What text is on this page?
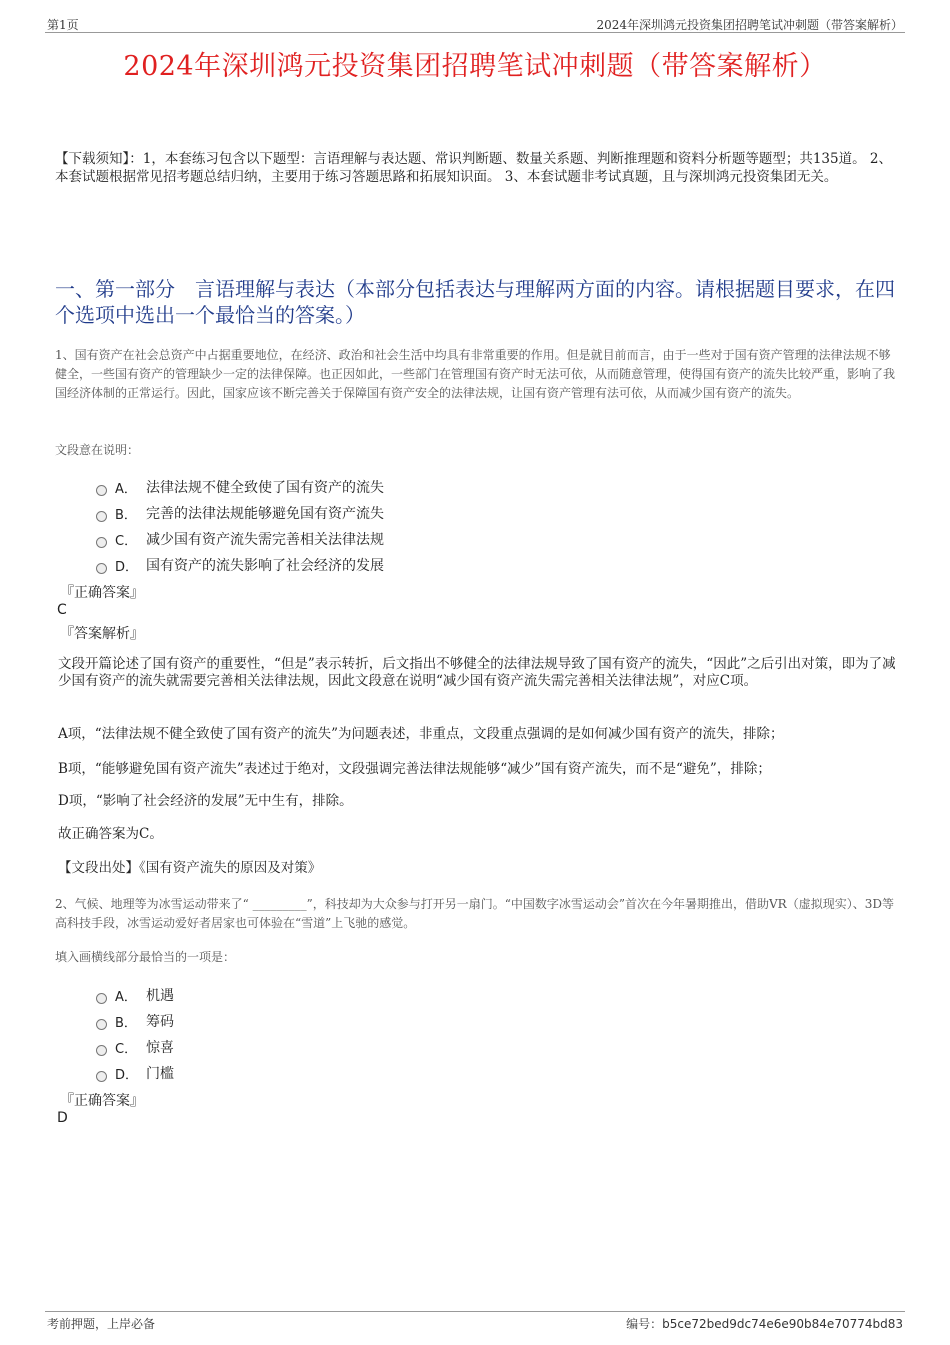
第1页	2024年深圳鸿元投资集团招聘笔试冲刺题（带答案解析）
2024年深圳鸿元投资集团招聘笔试冲刺题（带答案解析）
【下载须知】：1，本套练习包含以下题型：言语理解与表达题、常识判断题、数量关系题、判断推理题和资料分析题等题型；共135道。 2、本套试题根据常见招考题总结归纳，主要用于练习答题思路和拓展知识面。 3、本套试题非考试真题，且与深圳鸿元投资集团无关。
一、第一部分　言语理解与表达（本部分包括表达与理解两方面的内容。请根据题目要求，在四个选项中选出一个最恰当的答案。）
1、国有资产在社会总资产中占据重要地位，在经济、政治和社会生活中均具有非常重要的作用。但是就目前而言，由于一些对于国有资产管理的法律法规不够健全，一些国有资产的管理缺少一定的法律保障。也正因如此，一些部门在管理国有资产时无法可依，从而随意管理，使得国有资产的流失比较严重，影响了我国经济体制的正常运行。因此，国家应该不断完善关于保障国有资产安全的法律法规，让国有资产管理有法可依，从而减少国有资产的流失。
文段意在说明：
A． 法律法规不健全致使了国有资产的流失
B． 完善的法律法规能够避免国有资产流失
C． 减少国有资产流失需完善相关法律法规
D． 国有资产的流失影响了社会经济的发展
『正确答案』
C
『答案解析』
文段开篇论述了国有资产的重要性，“但是”表示转折，后文指出不够健全的法律法规导致了国有资产的流失，“因此”之后引出对策，即为了减少国有资产的流失就需要完善相关法律法规，因此文段意在说明“减少国有资产流失需完善相关法律法规”，对应C项。
A项，“法律法规不健全致使了国有资产的流失”为问题表述，非重点，文段重点强调的是如何减少国有资产的流失，排除；
B项，“能够避免国有资产流失”表述过于绝对，文段强调完善法律法规能够“减少”国有资产流失，而不是“避免”，排除；
D项，“影响了社会经济的发展”无中生有，排除。
故正确答案为C。
【文段出处】《国有资产流失的原因及对策》
2、气候、地理等为冰雪运动带来了“ _________”，科技却为大众参与打开另一扇门。“中国数字冰雪运动会”首次在今年暑期推出，借助VR（虚拟现实）、3D等高科技手段，冰雪运动爱好者居家也可体验在“雪道”上飞驰的感觉。
填入画横线部分最恰当的一项是：
A． 机遇
B． 筹码
C． 惊喜
D． 门槛
『正确答案』
D
考前押题，上岸必备	编号：b5ce72bed9dc74e6e90b84e70774bd83
